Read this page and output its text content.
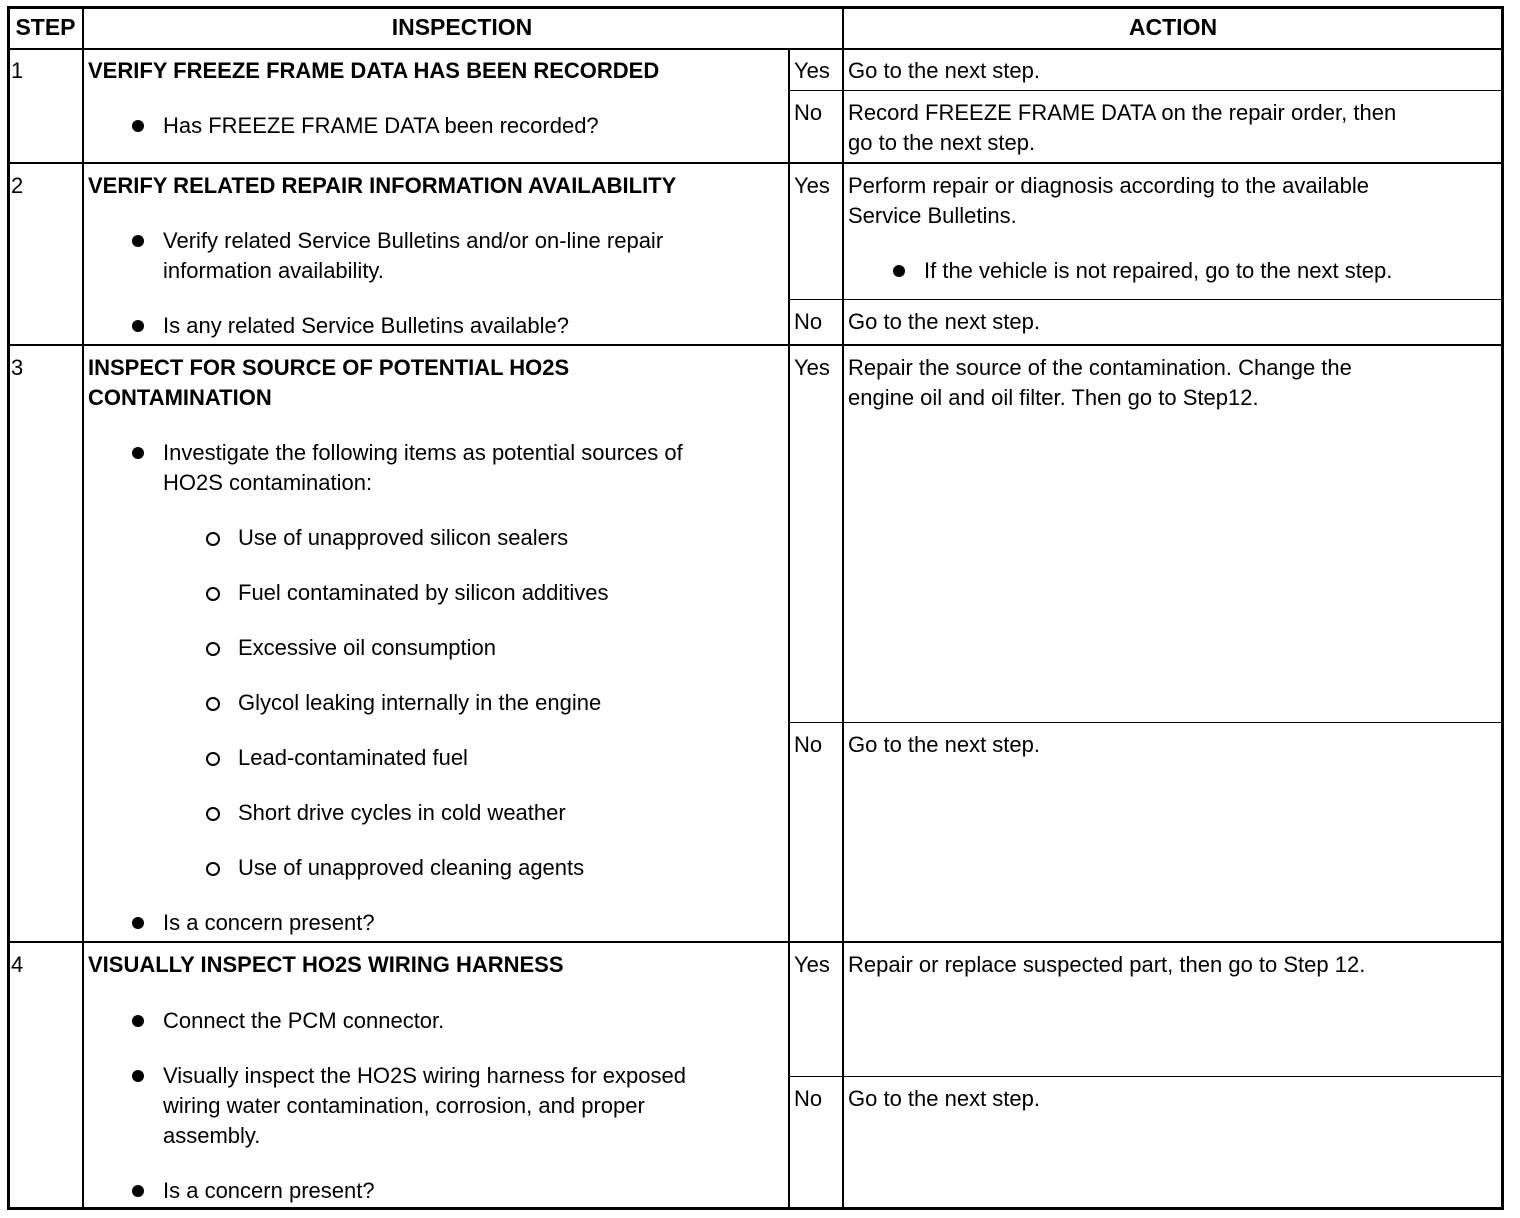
STEP	INSPECTION	ACTION
1	VERIFY FREEZE FRAME DATA HAS BEEN RECORDED
Has FREEZE FRAME DATA been recorded?
Yes Go to the next step.
No Record FREEZE FRAME DATA on the repair order, then
go to the next step.
2	VERIFY RELATED REPAIR INFORMATION AVAILABILITY
Verify related Service Bulletins and/or on-line repair
information availability.
Is any related Service Bulletins available?
Yes Perform repair or diagnosis according to the available
Service Bulletins.
If the vehicle is not repaired, go to the next step.
No Go to the next step.
3	INSPECT FOR SOURCE OF POTENTIAL HO2S
CONTAMINATION
Investigate the following items as potential sources of
HO2S contamination:
Use of unapproved silicon sealers
Fuel contaminated by silicon additives
Excessive oil consumption
Glycol leaking internally in the engine
Lead-contaminated fuel
Short drive cycles in cold weather
Use of unapproved cleaning agents
Is a concern present?
Yes Repair the source of the contamination. Change the
engine oil and oil filter. Then go to Step12.
No Go to the next step.
4	VISUALLY INSPECT HO2S WIRING HARNESS
Connect the PCM connector.
Visually inspect the HO2S wiring harness for exposed
wiring water contamination, corrosion, and proper
assembly.
Is a concern present?
Yes Repair or replace suspected part, then go to Step 12.
No Go to the next step.
